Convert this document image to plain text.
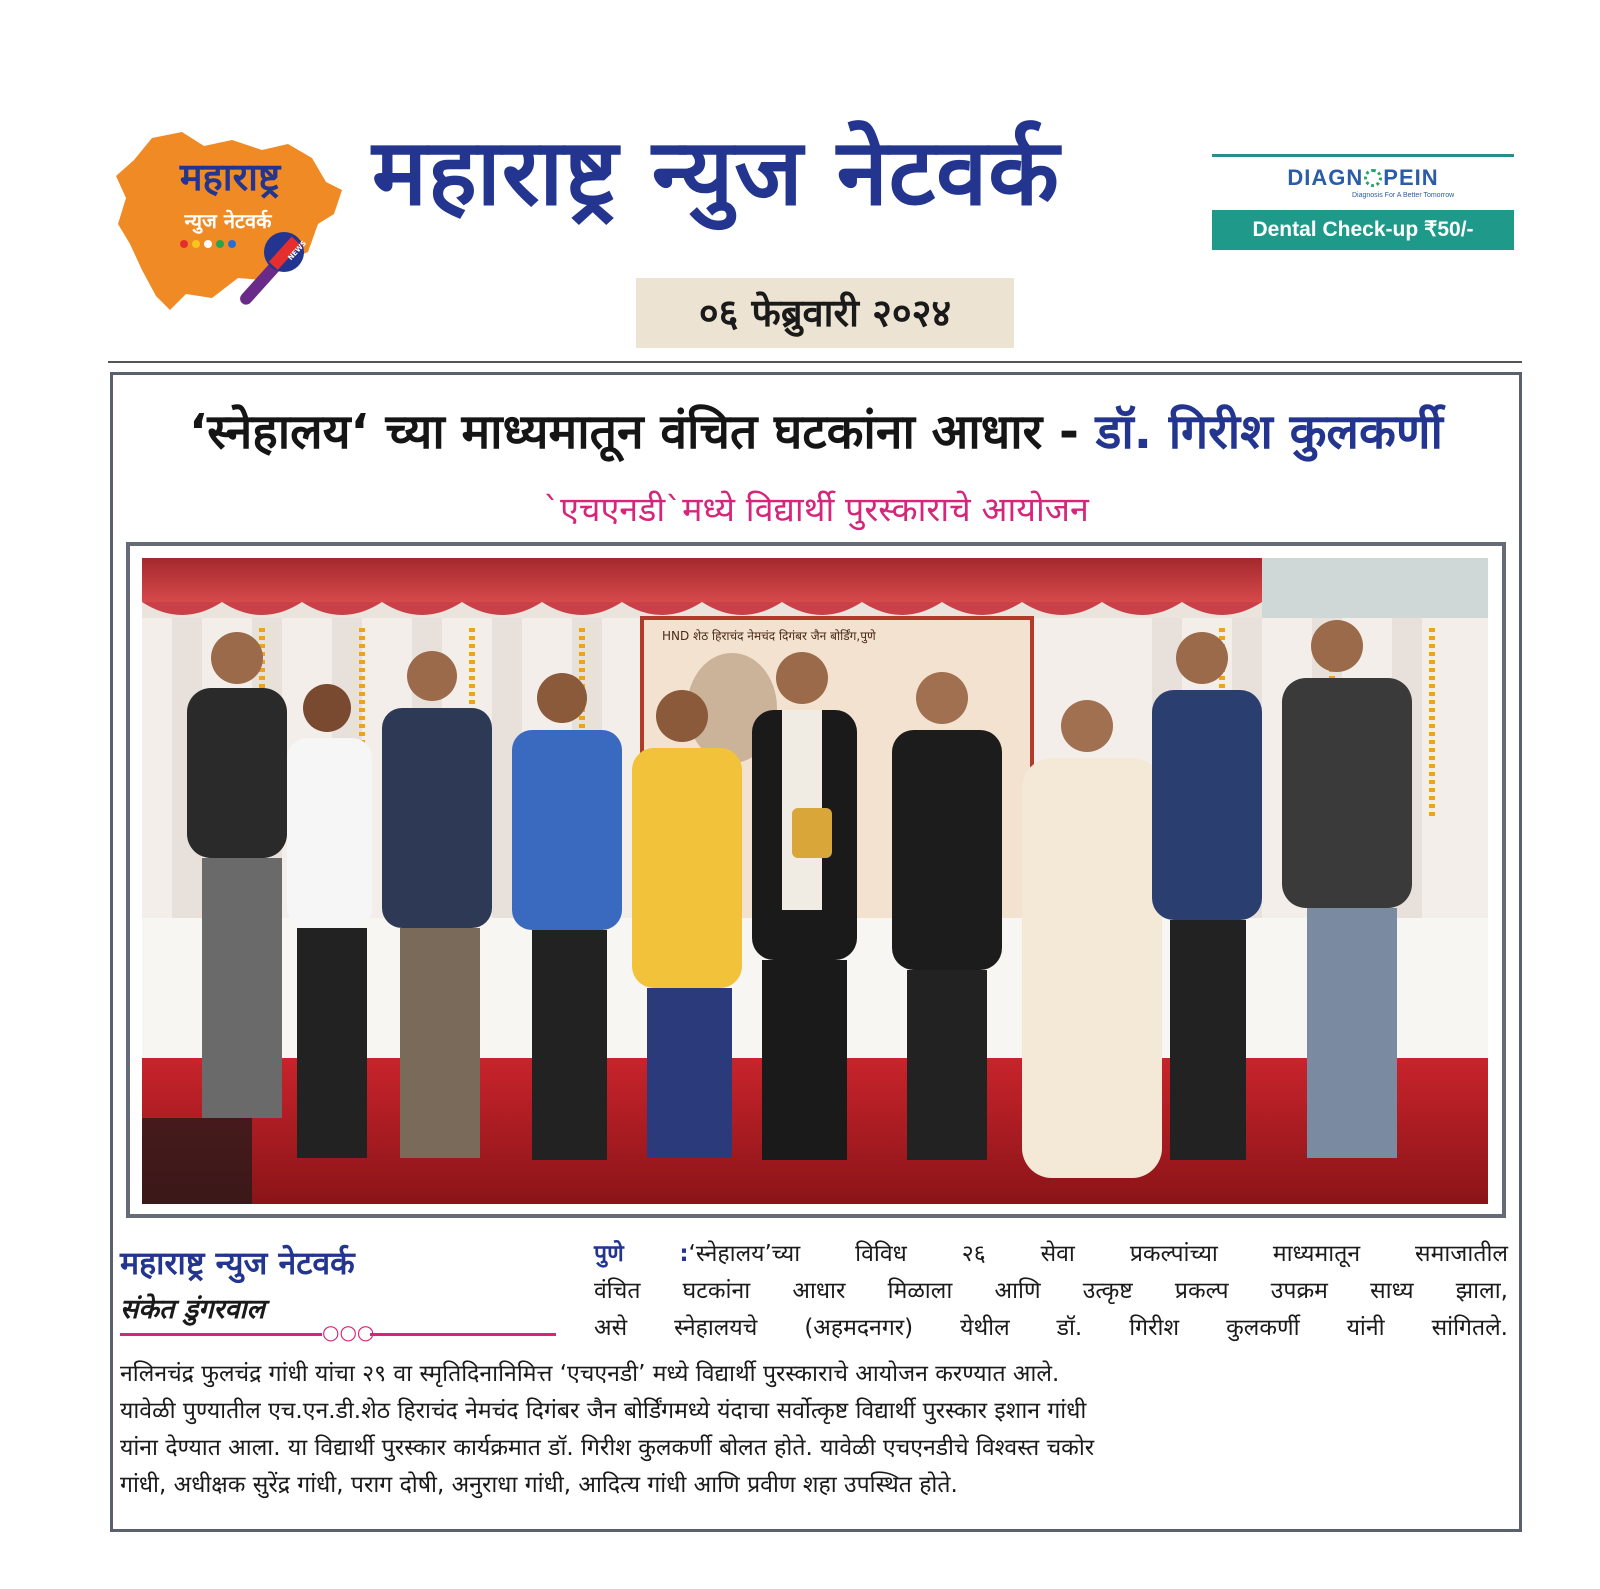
महाराष्ट्र
न्युज नेटवर्क
NEWS
महाराष्ट्र न्युज नेटवर्क	DIAGN PEIN
Diagnosis For A Better Tomorrow
Dental Check-up ₹50/-
०६ फेब्रुवारी २०२४
‘स्नेहालय‘ च्या माध्यमातून वंचित घटकांना आधार - डॉ. गिरीश कुलकर्णी
`एचएनडी`मध्ये विद्यार्थी पुरस्काराचे आयोजन
HND शेठ हिराचंद नेमचंद दिगंबर जैन बोर्डिंग,पुणे
महाराष्ट्र न्युज नेटवर्क
संकेत डुंगरवाल
○○○

पुणे :‘स्नेहालय’च्या विविध २६ सेवा प्रकल्पांच्या माध्यमातून समाजातील

वंचित घटकांना आधार मिळाला आणि उत्कृष्ट प्रकल्प उपक्रम साध्य झाला,

असे स्नेहालयचे (अहमदनगर) येथील डॉ. गिरीश कुलकर्णी यांनी सांगितले.

नलिनचंद्र फुलचंद्र गांधी यांचा २९ वा स्मृतिदिनानिमित्त ‘एचएनडी’ मध्ये विद्यार्थी पुरस्काराचे आयोजन करण्यात आले.

यावेळी पुण्यातील एच.एन.डी.शेठ हिराचंद नेमचंद दिगंबर जैन बोर्डिंगमध्ये यंदाचा सर्वोत्कृष्ट विद्यार्थी पुरस्कार इशान गांधी

यांना देण्यात आला. या विद्यार्थी पुरस्कार कार्यक्रमात डॉ. गिरीश कुलकर्णी बोलत होते. यावेळी एचएनडीचे विश्वस्त चकोर

गांधी, अधीक्षक सुरेंद्र गांधी, पराग दोषी, अनुराधा गांधी, आदित्य गांधी आणि प्रवीण शहा उपस्थित होते.
